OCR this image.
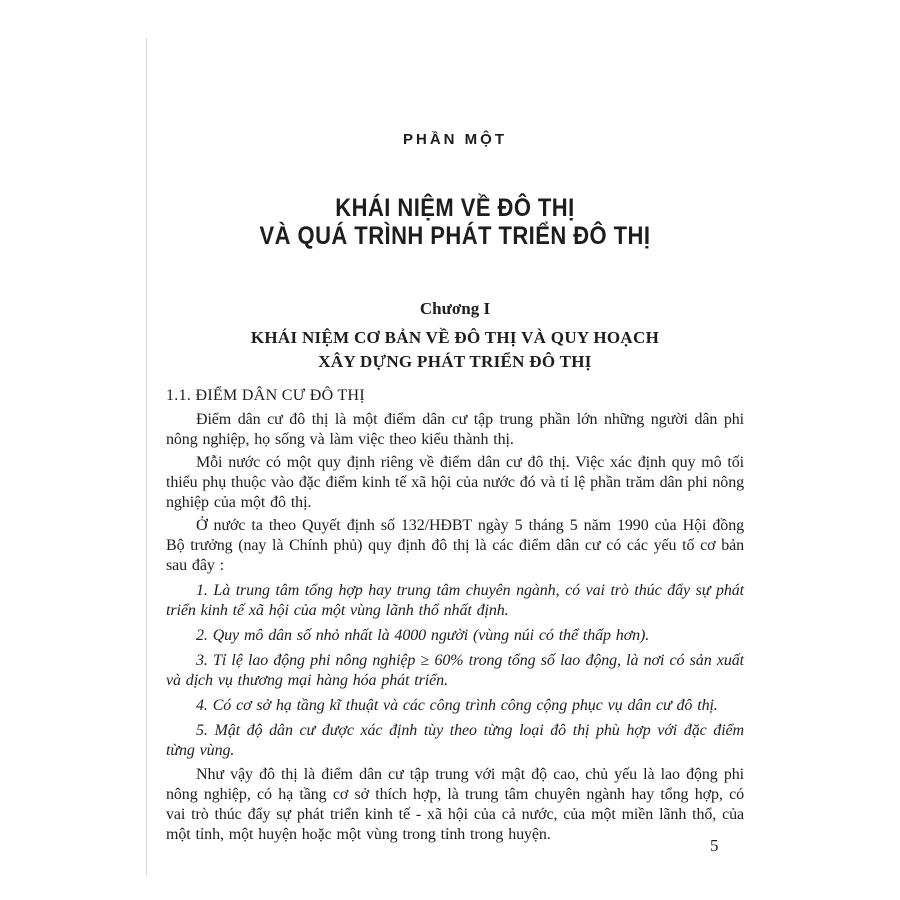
PHẦN MỘT
KHÁI NIỆM VỀ ĐÔ THỊ
VÀ QUÁ TRÌNH PHÁT TRIỂN ĐÔ THỊ
Chương I
KHÁI NIỆM CƠ BẢN VỀ ĐÔ THỊ VÀ QUY HOẠCH
XÂY DỰNG PHÁT TRIỂN ĐÔ THỊ
1.1. ĐIỂM DÂN CƯ ĐÔ THỊ

Điểm dân cư đô thị là một điểm dân cư tập trung phần lớn những người dân phi nông nghiệp, họ sống và làm việc theo kiểu thành thị.

Mỗi nước có một quy định riêng về điểm dân cư đô thị. Việc xác định quy mô tối thiểu phụ thuộc vào đặc điểm kinh tế xã hội của nước đó và tỉ lệ phần trăm dân phi nông nghiệp của một đô thị.

Ở nước ta theo Quyết định số 132/HĐBT ngày 5 tháng 5 năm 1990 của Hội đồng Bộ trưởng (nay là Chính phủ) quy định đô thị là các điểm dân cư có các yếu tố cơ bản sau đây :

1. Là trung tâm tổng hợp hay trung tâm chuyên ngành, có vai trò thúc đẩy sự phát triển kinh tế xã hội của một vùng lãnh thổ nhất định.

2. Quy mô dân số nhỏ nhất là 4000 người (vùng núi có thể thấp hơn).

3. Tỉ lệ lao động phi nông nghiệp ≥ 60% trong tổng số lao động, là nơi có sản xuất và dịch vụ thương mại hàng hóa phát triển.

4. Có cơ sở hạ tầng kĩ thuật và các công trình công cộng phục vụ dân cư đô thị.

5. Mật độ dân cư được xác định tùy theo từng loại đô thị phù hợp với đặc điểm từng vùng.

Như vậy đô thị là điểm dân cư tập trung với mật độ cao, chủ yếu là lao động phi nông nghiệp, có hạ tầng cơ sở thích hợp, là trung tâm chuyên ngành hay tổng hợp, có vai trò thúc đẩy sự phát triển kinh tế - xã hội của cả nước, của một miền lãnh thổ, của một tỉnh, một huyện hoặc một vùng trong tỉnh trong huyện.

5
